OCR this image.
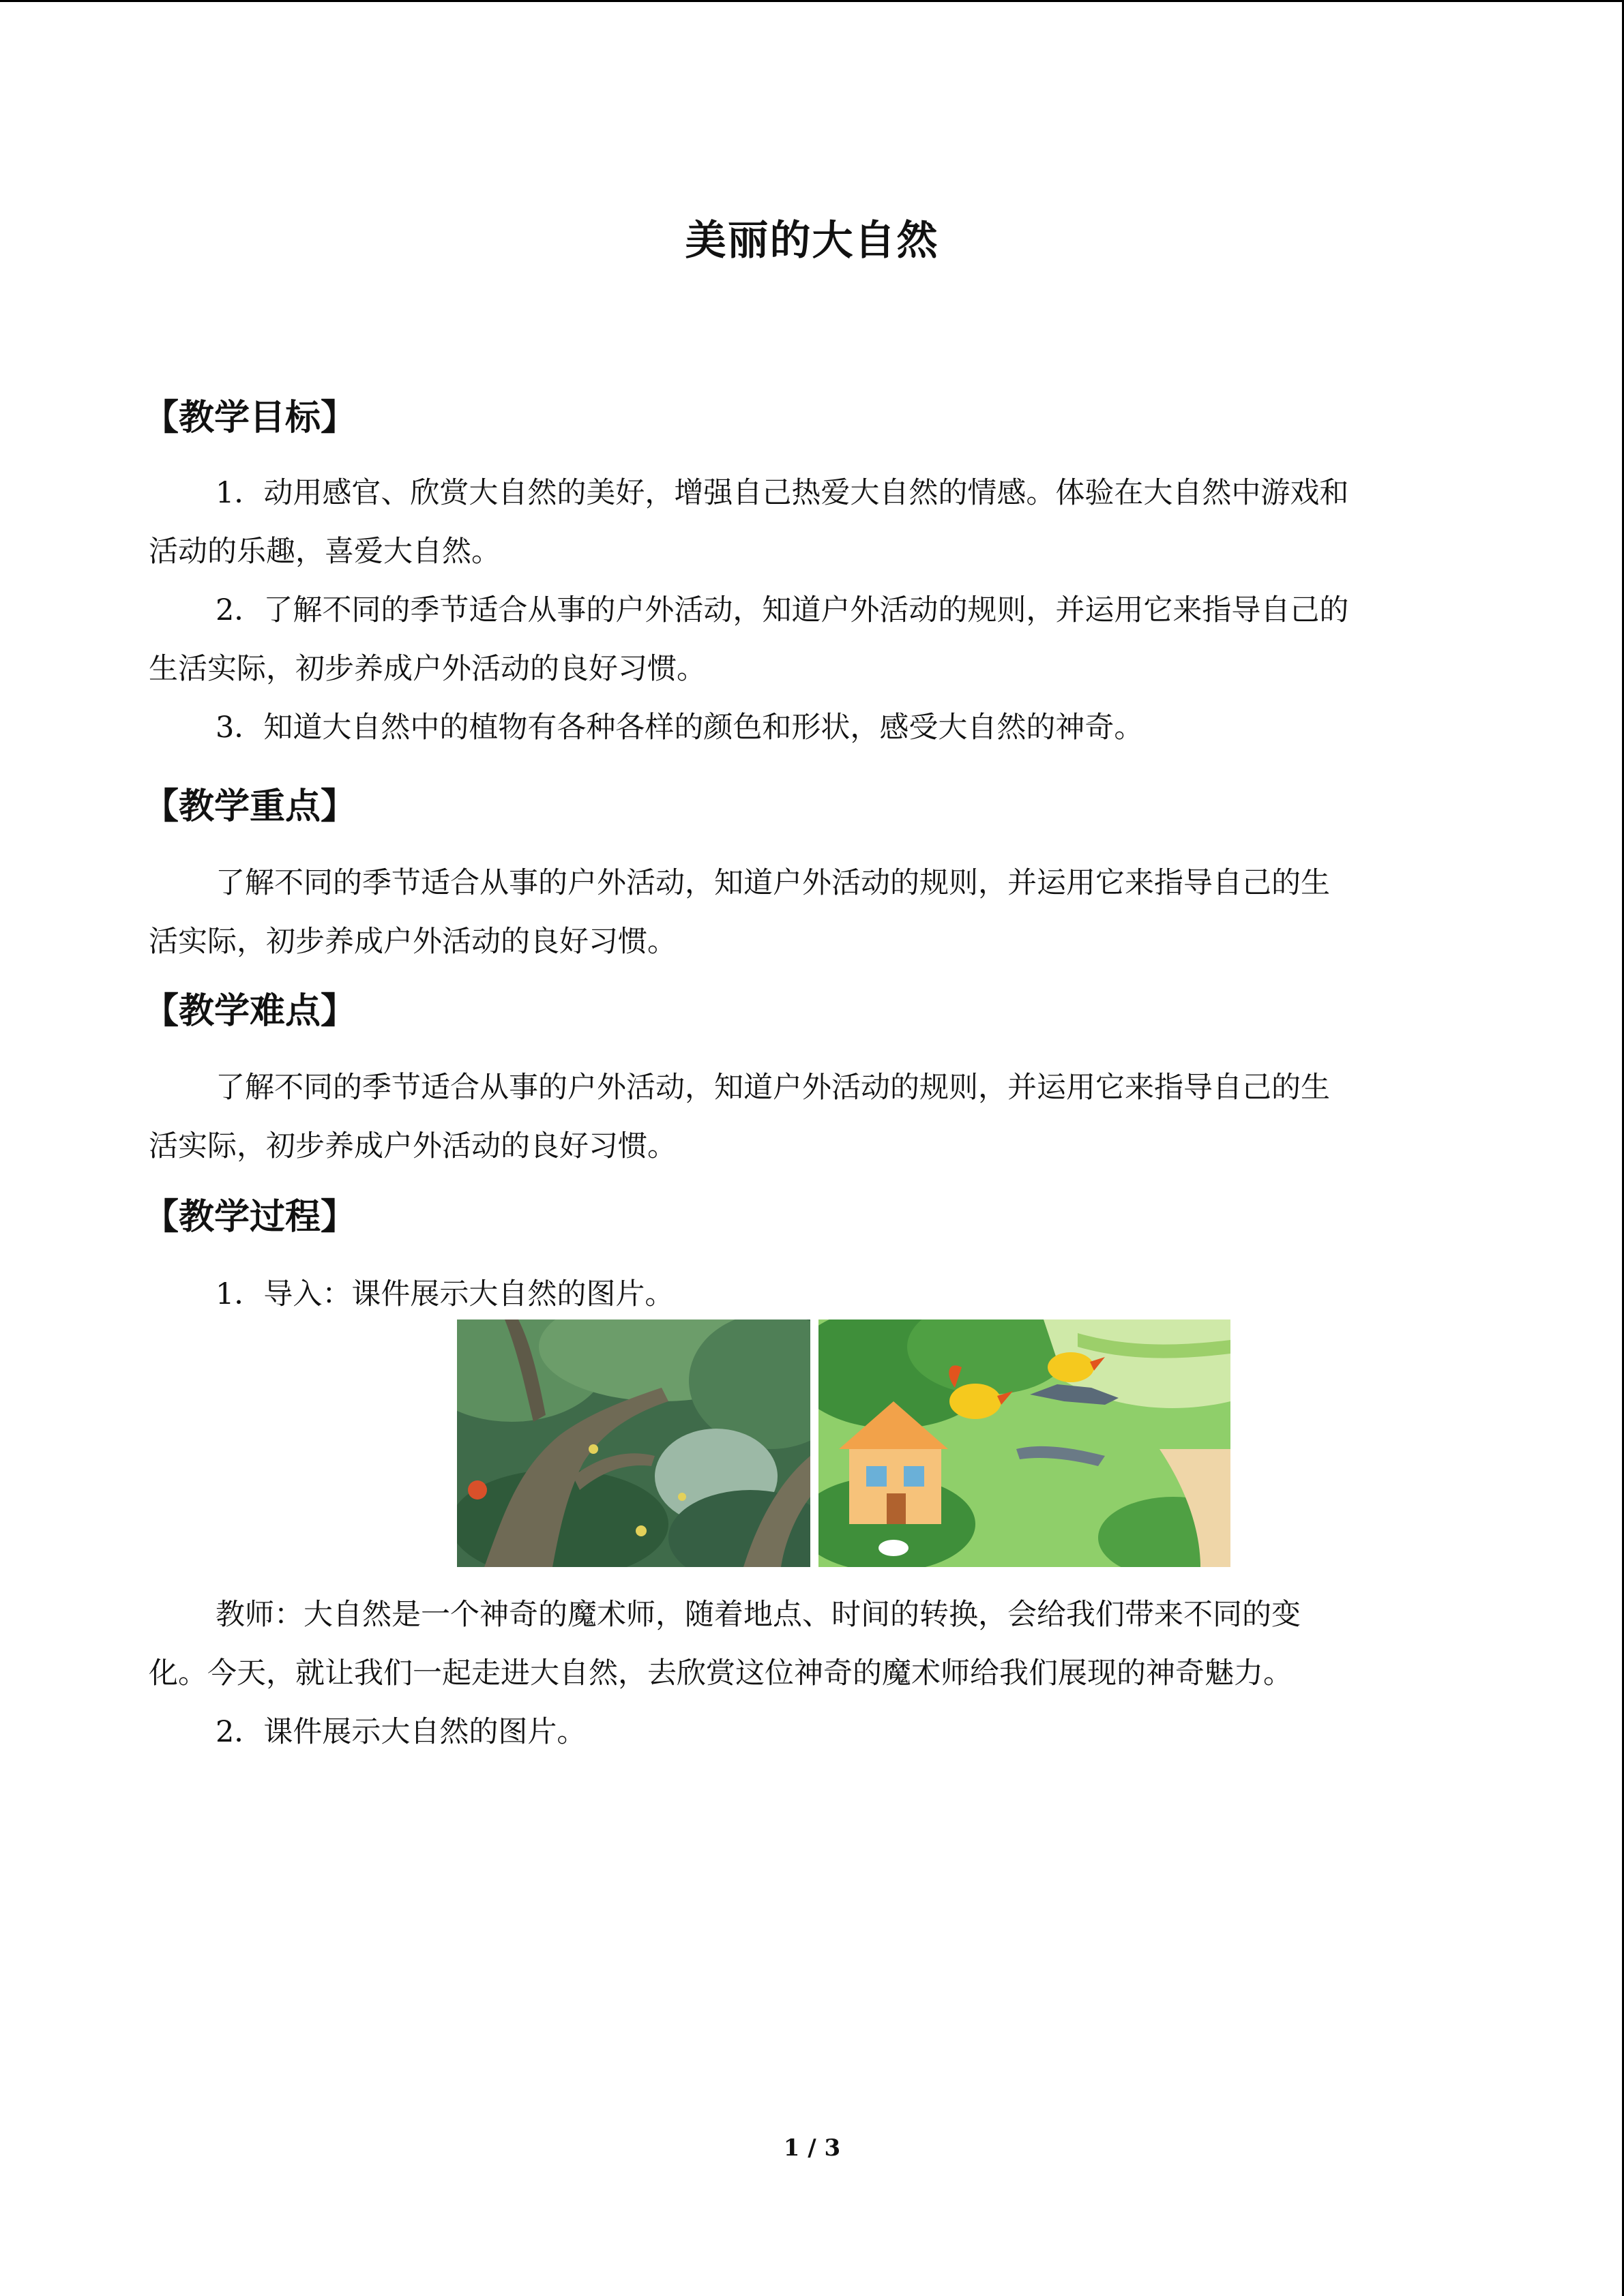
美丽的大自然
【教学目标】
1．动用感官、欣赏大自然的美好，增强自己热爱大自然的情感。体验在大自然中游戏和
活动的乐趣，喜爱大自然。
2．了解不同的季节适合从事的户外活动，知道户外活动的规则，并运用它来指导自己的
生活实际，初步养成户外活动的良好习惯。
3．知道大自然中的植物有各种各样的颜色和形状，感受大自然的神奇。
【教学重点】
了解不同的季节适合从事的户外活动，知道户外活动的规则，并运用它来指导自己的生
活实际，初步养成户外活动的良好习惯。
【教学难点】
了解不同的季节适合从事的户外活动，知道户外活动的规则，并运用它来指导自己的生
活实际，初步养成户外活动的良好习惯。
【教学过程】
1．导入：课件展示大自然的图片。
教师：大自然是一个神奇的魔术师，随着地点、时间的转换，会给我们带来不同的变
化。今天，就让我们一起走进大自然，去欣赏这位神奇的魔术师给我们展现的神奇魅力。
2．课件展示大自然的图片。
1 / 3
